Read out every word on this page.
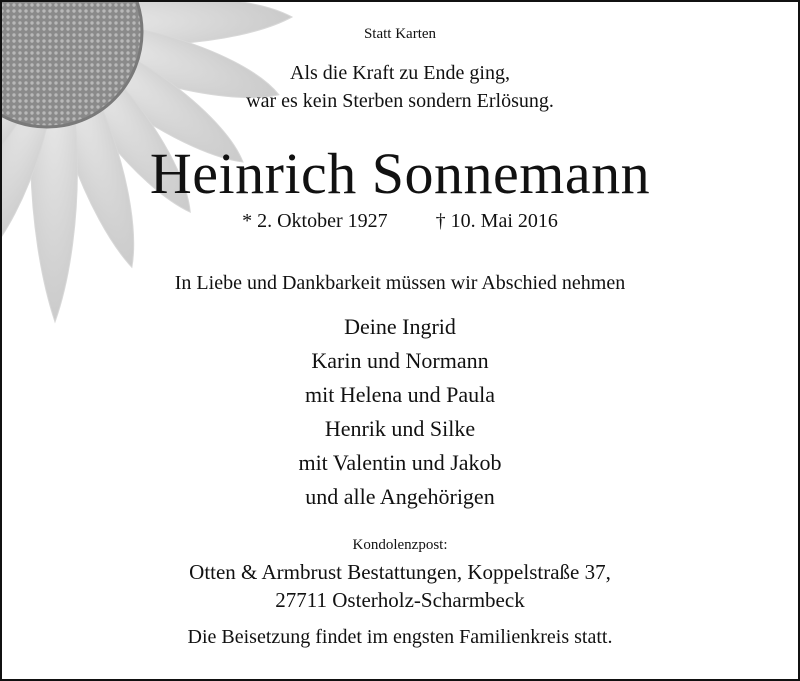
Statt Karten
Als die Kraft zu Ende ging,
war es kein Sterben sondern Erlösung.
Heinrich Sonnemann
* 2. Oktober 1927 † 10. Mai 2016
In Liebe und Dankbarkeit müssen wir Abschied nehmen
Deine Ingrid
Karin und Normann
mit Helena und Paula
Henrik und Silke
mit Valentin und Jakob
und alle Angehörigen
Kondolenzpost:
Otten & Armbrust Bestattungen, Koppelstraße 37,
27711 Osterholz-Scharmbeck
Die Beisetzung findet im engsten Familienkreis statt.
